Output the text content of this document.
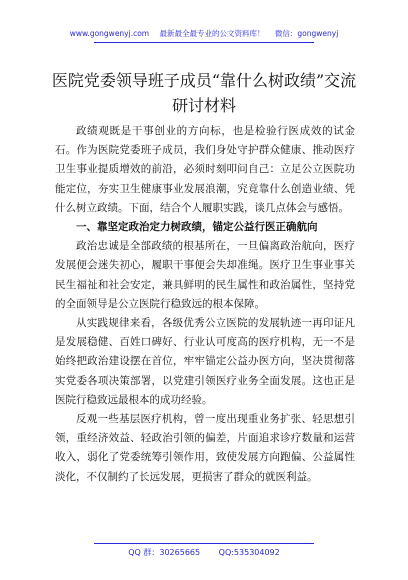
www.gongwenyj.com 最新最全最专业的公文资料库！ 微信：gongwenyj
医院党委领导班子成员“靠什么树政绩”交流
研讨材料

政绩观既是干事创业的方向标，也是检验行医成效的试金石。作为医院党委班子成员，我们身处守护群众健康、推动医疗卫生事业提质增效的前沿，必须时刻叩问自己：立足公立医院功能定位，夯实卫生健康事业发展浪潮，究竟靠什么创造业绩、凭什么树立政绩。下面，结合个人履职实践，谈几点体会与感悟。

一、靠坚定政治定力树政绩，锚定公益行医正确航向

政治忠诚是全部政绩的根基所在，一旦偏离政治航向，医疗发展便会迷失初心，履职干事便会失却准绳。医疗卫生事业事关民生福祉和社会安定，兼具鲜明的民生属性和政治属性，坚持党的全面领导是公立医院行稳致远的根本保障。

从实践规律来看，各级优秀公立医院的发展轨迹一再印证凡是发展稳健、百姓口碑好、行业认可度高的医疗机构，无一不是始终把政治建设摆在首位，牢牢锚定公益办医方向，坚决贯彻落实党委各项决策部署，以党建引领医疗业务全面发展。这也正是医院行稳致远最根本的成功经验。

反观一些基层医疗机构，曾一度出现重业务扩张、轻思想引领，重经济效益、轻政治引领的偏差，片面追求诊疗数量和运营收入，弱化了党委统筹引领作用，致使发展方向跑偏、公益属性淡化，不仅制约了长远发展，更损害了群众的就医利益。

QQ 群：30265665 QQ:535304092
